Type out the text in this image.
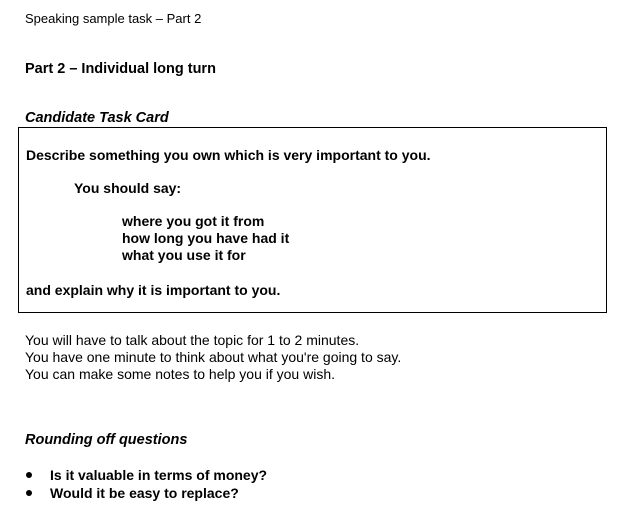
Speaking sample task – Part 2
Part 2 – Individual long turn
Candidate Task Card
Describe something you own which is very important to you.
You should say:
where you got it from
how long you have had it
what you use it for
and explain why it is important to you.
You will have to talk about the topic for 1 to 2 minutes.
You have one minute to think about what you're going to say.
You can make some notes to help you if you wish.
Rounding off questions
Is it valuable in terms of money?
Would it be easy to replace?
